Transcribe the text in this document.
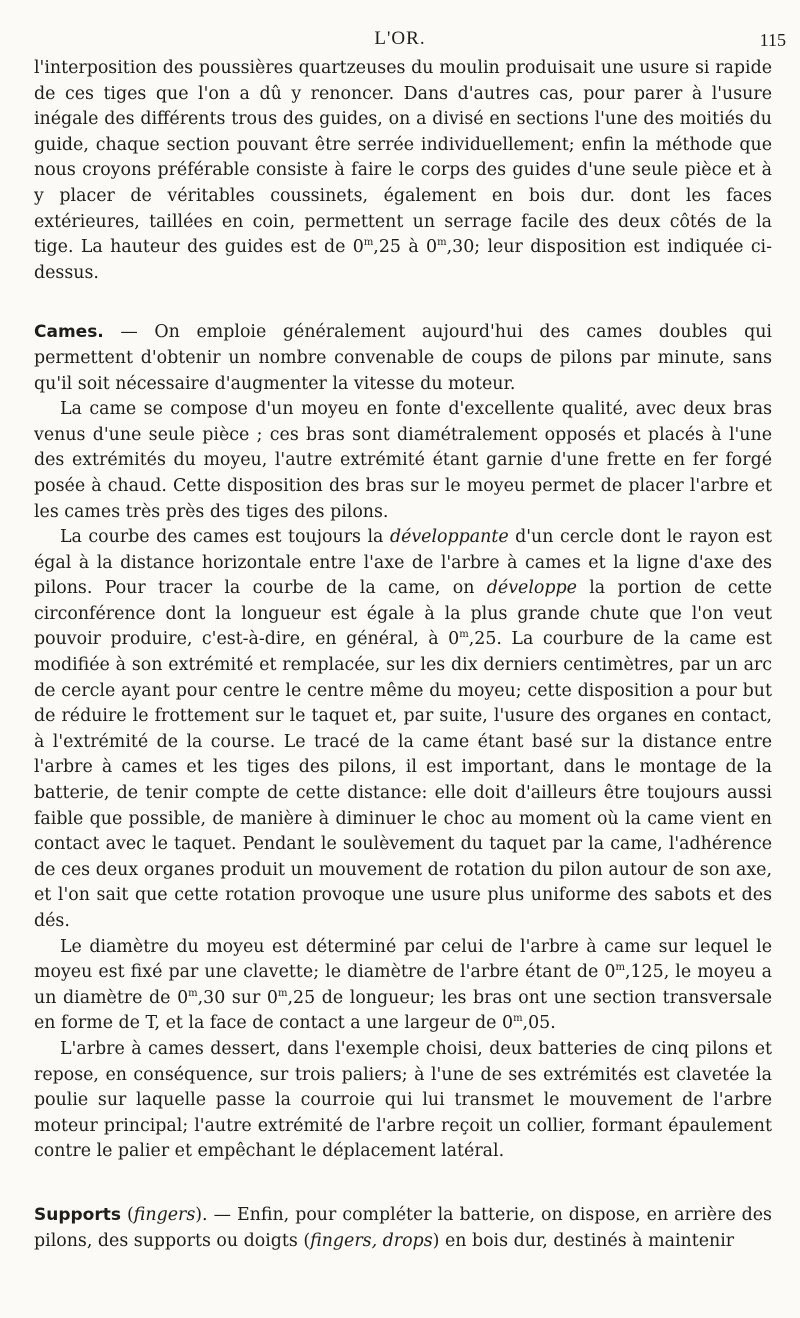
L'OR.	115

l'interposition des poussières quartzeuses du moulin produisait une usure si rapide de ces tiges que l'on a dû y renoncer. Dans d'autres cas, pour parer à l'usure inégale des différents trous des guides, on a divisé en sections l'une des moitiés du guide, chaque section pouvant être serrée individuellement; enfin la méthode que nous croyons préférable consiste à faire le corps des guides d'une seule pièce et à y placer de véritables coussinets, également en bois dur. dont les faces extérieures, taillées en coin, permettent un serrage facile des deux côtés de la tige. La hauteur des guides est de 0$^m$,25 à 0$^m$,30; leur disposition est indiquée ci-dessus.

Cames. — On emploie généralement aujourd'hui des cames doubles qui permettent d'obtenir un nombre convenable de coups de pilons par minute, sans qu'il soit nécessaire d'augmenter la vitesse du moteur.

La came se compose d'un moyeu en fonte d'excellente qualité, avec deux bras venus d'une seule pièce ; ces bras sont diamétralement opposés et placés à l'une des extrémités du moyeu, l'autre extrémité étant garnie d'une frette en fer forgé posée à chaud. Cette disposition des bras sur le moyeu permet de placer l'arbre et les cames très près des tiges des pilons.

La courbe des cames est toujours la développante d'un cercle dont le rayon est égal à la distance horizontale entre l'axe de l'arbre à cames et la ligne d'axe des pilons. Pour tracer la courbe de la came, on développe la portion de cette circonférence dont la longueur est égale à la plus grande chute que l'on veut pouvoir produire, c'est-à-dire, en général, à 0$^m$,25. La courbure de la came est modifiée à son extrémité et remplacée, sur les dix derniers centimètres, par un arc de cercle ayant pour centre le centre même du moyeu; cette disposition a pour but de réduire le frottement sur le taquet et, par suite, l'usure des organes en contact, à l'extrémité de la course. Le tracé de la came étant basé sur la distance entre l'arbre à cames et les tiges des pilons, il est important, dans le montage de la batterie, de tenir compte de cette distance: elle doit d'ailleurs être toujours aussi faible que possible, de manière à diminuer le choc au moment où la came vient en contact avec le taquet. Pendant le soulèvement du taquet par la came, l'adhérence de ces deux organes produit un mouvement de rotation du pilon autour de son axe, et l'on sait que cette rotation provoque une usure plus uniforme des sabots et des dés.

Le diamètre du moyeu est déterminé par celui de l'arbre à came sur lequel le moyeu est fixé par une clavette; le diamètre de l'arbre étant de 0$^m$,125, le moyeu a un diamètre de 0$^m$,30 sur 0$^m$,25 de longueur; les bras ont une section transversale en forme de T, et la face de contact a une largeur de 0$^m$,05.

L'arbre à cames dessert, dans l'exemple choisi, deux batteries de cinq pilons et repose, en conséquence, sur trois paliers; à l'une de ses extrémités est clavetée la poulie sur laquelle passe la courroie qui lui transmet le mouvement de l'arbre moteur principal; l'autre extrémité de l'arbre reçoit un collier, formant épaulement contre le palier et empêchant le déplacement latéral.

Supports (fingers). — Enfin, pour compléter la batterie, on dispose, en arrière des pilons, des supports ou doigts (fingers, drops) en bois dur, destinés à maintenir
